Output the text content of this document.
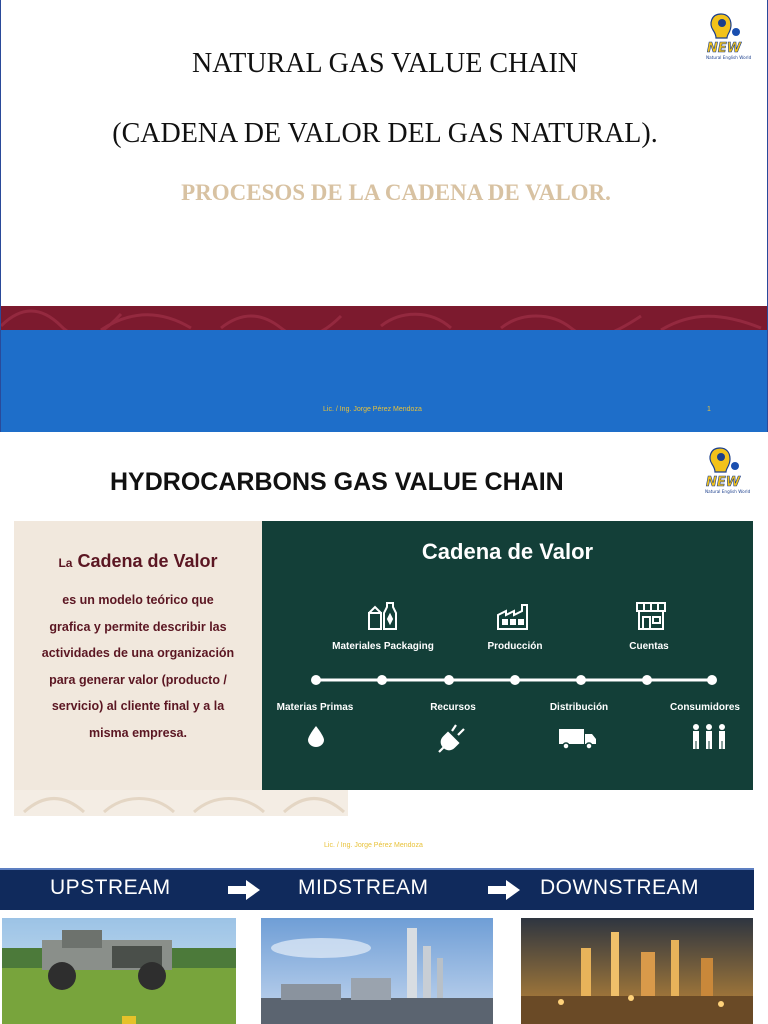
NATURAL GAS VALUE CHAIN
(CADENA DE VALOR DEL GAS NATURAL).
PROCESOS DE LA CADENA DE VALOR.
NEW
Natural English World
Lic. / Ing. Jorge Pérez Mendoza	1
HYDROCARBONS GAS VALUE CHAIN	NEW
Natural English World
La Cadena de Valor
es un modelo teórico que
grafica y permite describir las
actividades de una organización
para generar valor (producto /
servicio) al cliente final y a la
misma empresa.
Cadena de Valor
Materiales Packaging	Producción	Cuentas
Materias Primas	Recursos	Distribución	Consumidores
Lic. / Ing. Jorge Pérez Mendoza
UPSTREAM	MIDSTREAM	DOWNSTREAM
